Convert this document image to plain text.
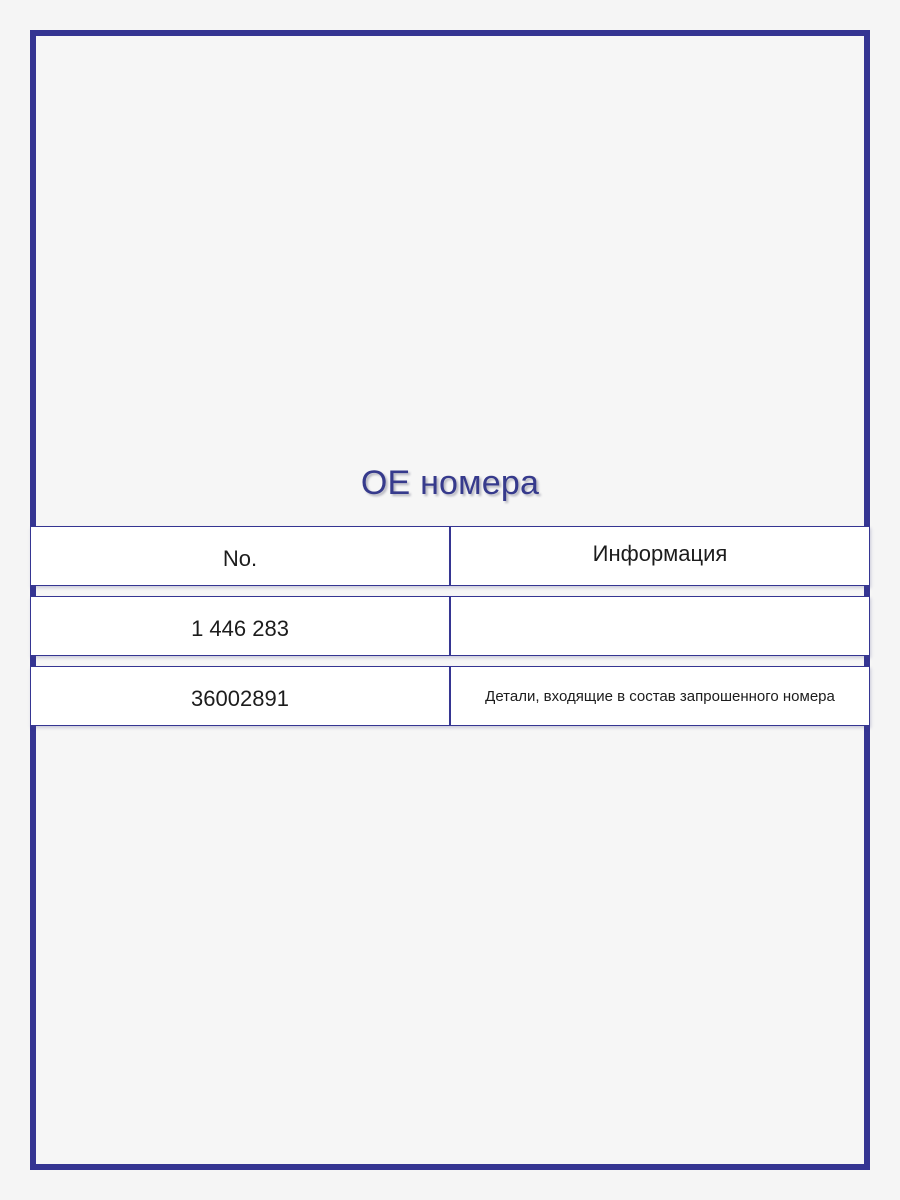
OE номера
No.	Информация
1 446 283
36002891	Детали, входящие в состав запрошенного номера
